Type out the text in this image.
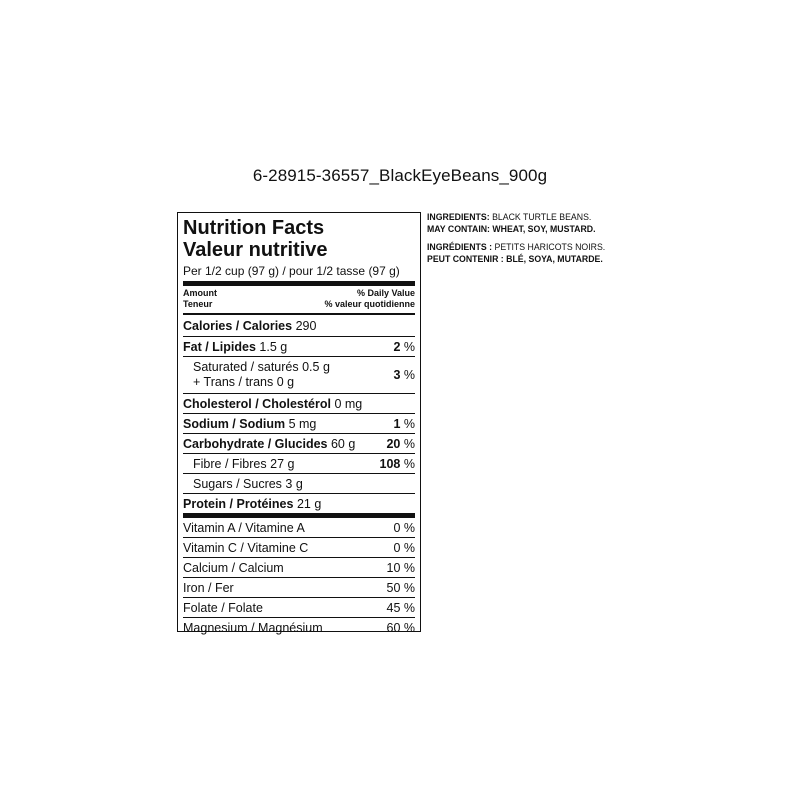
6-28915-36557_BlackEyeBeans_900g
Nutrition Facts
Valeur nutritive
Per 1/2 cup (97 g) / pour 1/2 tasse (97 g)
Amount
Teneur
% Daily Value
% valeur quotidienne
Calories / Calories 290
Fat / Lipides 1.5 g	2 %
Saturated / saturés 0.5 g
+ Trans / trans 0 g	3 %
Cholesterol / Cholestérol 0 mg
Sodium / Sodium 5 mg	1 %
Carbohydrate / Glucides 60 g 20 %
Fibre / Fibres 27 g	108 %
Sugars / Sucres 3 g
Protein / Protéines 21 g
Vitamin A / Vitamine A	0 %
Vitamin C / Vitamine C	0 %
Calcium / Calcium	10 %
Iron / Fer	50 %
Folate / Folate	45 %
Magnesium / Magnésium	60 %

INGREDIENTS: BLACK TURTLE BEANS.

MAY CONTAIN: WHEAT, SOY, MUSTARD.

INGRÉDIENTS : PETITS HARICOTS NOIRS.

PEUT CONTENIR : BLÉ, SOYA, MUTARDE.
